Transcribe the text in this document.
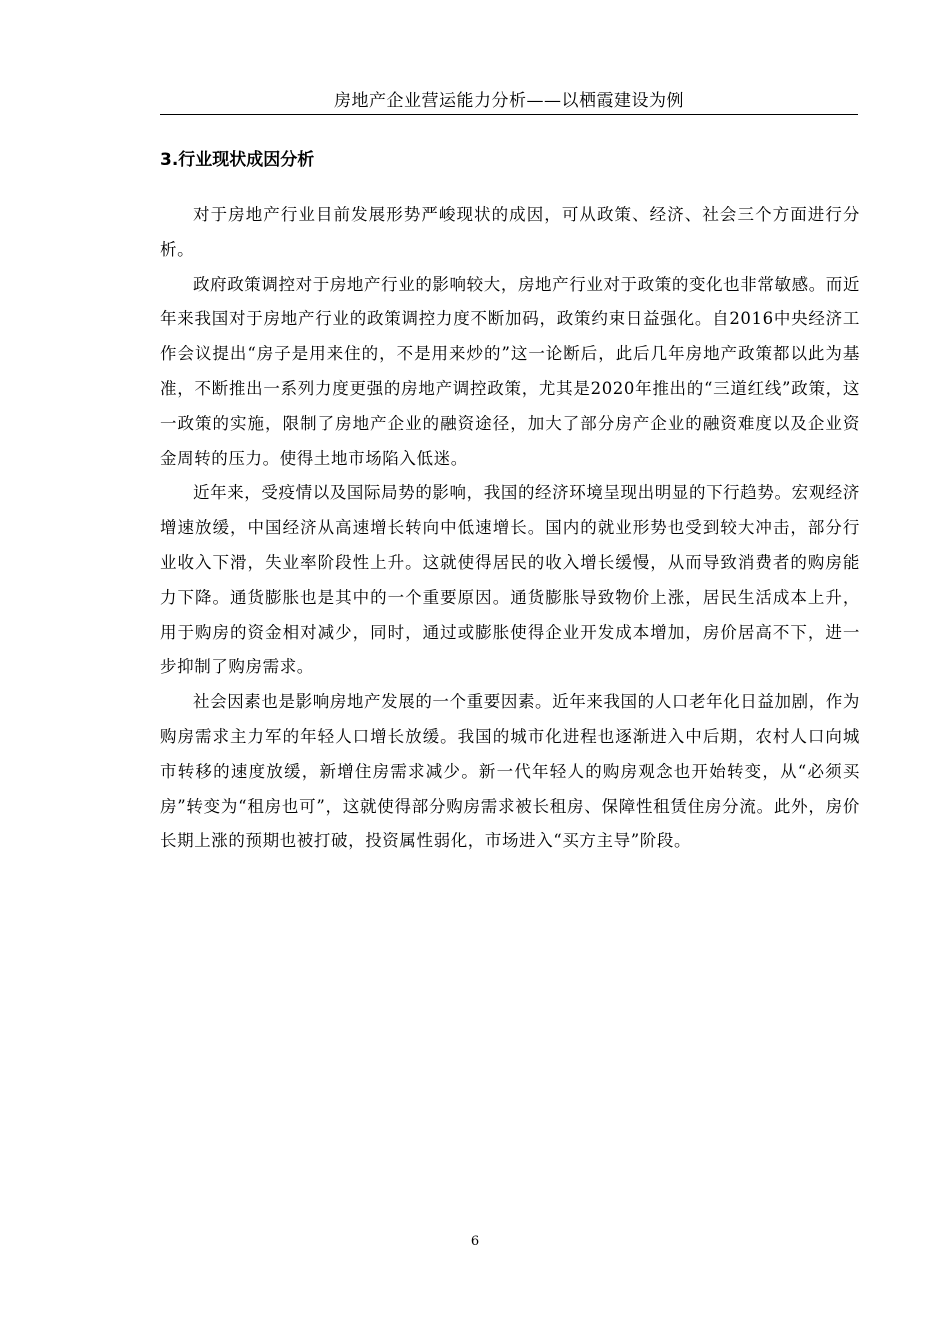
房地产企业营运能力分析——以栖霞建设为例
3.行业现状成因分析

对于房地产行业目前发展形势严峻现状的成因，可从政策、经济、社会三个方面进行分析。

政府政策调控对于房地产行业的影响较大，房地产行业对于政策的变化也非常敏感。而近年来我国对于房地产行业的政策调控力度不断加码，政策约束日益强化。自2016中央经济工作会议提出“房子是用来住的，不是用来炒的”这一论断后，此后几年房地产政策都以此为基准，不断推出一系列力度更强的房地产调控政策，尤其是2020年推出的“三道红线”政策，这一政策的实施，限制了房地产企业的融资途径，加大了部分房产企业的融资难度以及企业资金周转的压力。使得土地市场陷入低迷。

近年来，受疫情以及国际局势的影响，我国的经济环境呈现出明显的下行趋势。宏观经济增速放缓，中国经济从高速增长转向中低速增长。国内的就业形势也受到较大冲击，部分行业收入下滑，失业率阶段性上升。这就使得居民的收入增长缓慢，从而导致消费者的购房能力下降。通货膨胀也是其中的一个重要原因。通货膨胀导致物价上涨，居民生活成本上升，用于购房的资金相对减少，同时，通过或膨胀使得企业开发成本增加，房价居高不下，进一步抑制了购房需求。

社会因素也是影响房地产发展的一个重要因素。近年来我国的人口老年化日益加剧，作为购房需求主力军的年轻人口增长放缓。我国的城市化进程也逐渐进入中后期，农村人口向城市转移的速度放缓，新增住房需求减少。新一代年轻人的购房观念也开始转变，从“必须买房”转变为“租房也可”，这就使得部分购房需求被长租房、保障性租赁住房分流。此外，房价长期上涨的预期也被打破，投资属性弱化，市场进入“买方主导”阶段。

6
